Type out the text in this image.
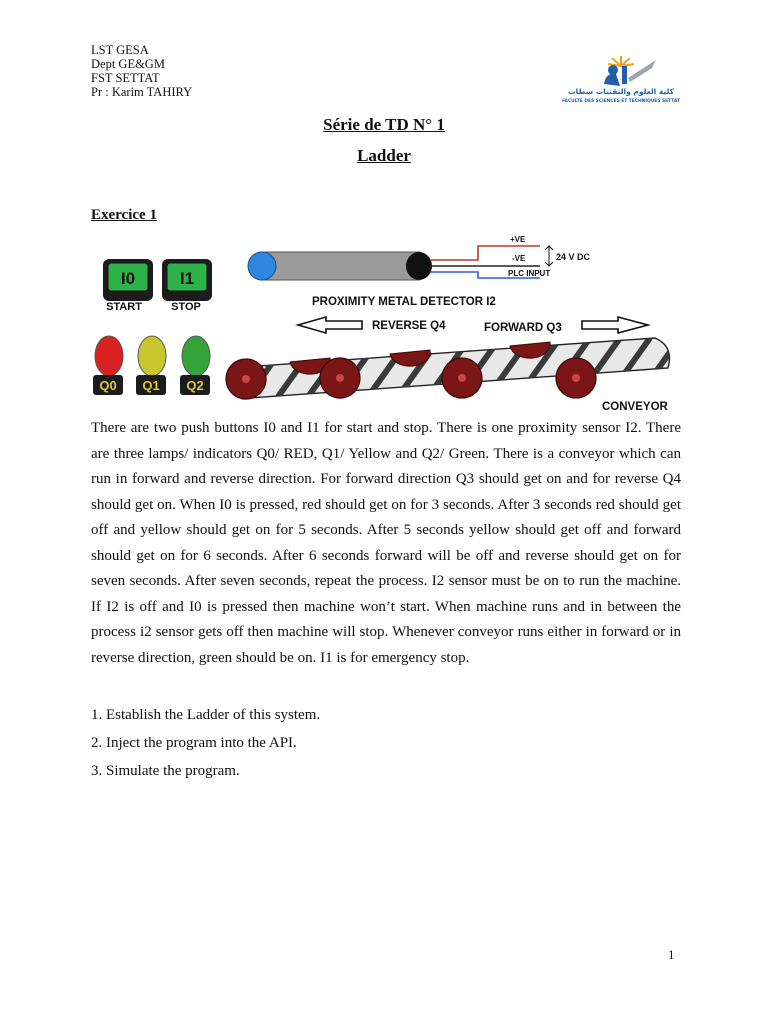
LST GESA
Dept GE&GM
FST SETTAT
Pr : Karim TAHIRY	كلية العلوم والتقنيات سطات
FACULTE DES SCIENCES ET TECHNIQUES SETTAT
Série de TD N° 1
Ladder
Exercice 1
I0
START
I1
STOP
Q0 Q1 Q2
+VE
-VE
PLC INPUT
24 V DC
PROXIMITY METAL DETECTOR I2
REVERSE Q4	FORWARD Q3
CONVEYOR
There are two push buttons I0 and I1 for start and stop. There is one proximity sensor I2. There are three lamps/ indicators Q0/ RED, Q1/ Yellow and Q2/ Green. There is a conveyor which can run in forward and reverse direction. For forward direction Q3 should get on and for reverse Q4 should get on. When I0 is pressed, red should get on for 3 seconds. After 3 seconds red should get off and yellow should get on for 5 seconds. After 5 seconds yellow should get off and forward should get on for 6 seconds. After 6 seconds forward will be off and reverse should get on for seven seconds. After seven seconds, repeat the process. I2 sensor must be on to run the machine. If I2 is off and I0 is pressed then machine won’t start. When machine runs and in between the process i2 sensor gets off then machine will stop. Whenever conveyor runs either in forward or in reverse direction, green should be on. I1 is for emergency stop.
1. Establish the Ladder of this system.
2. Inject the program into the API.
3. Simulate the program.
1
